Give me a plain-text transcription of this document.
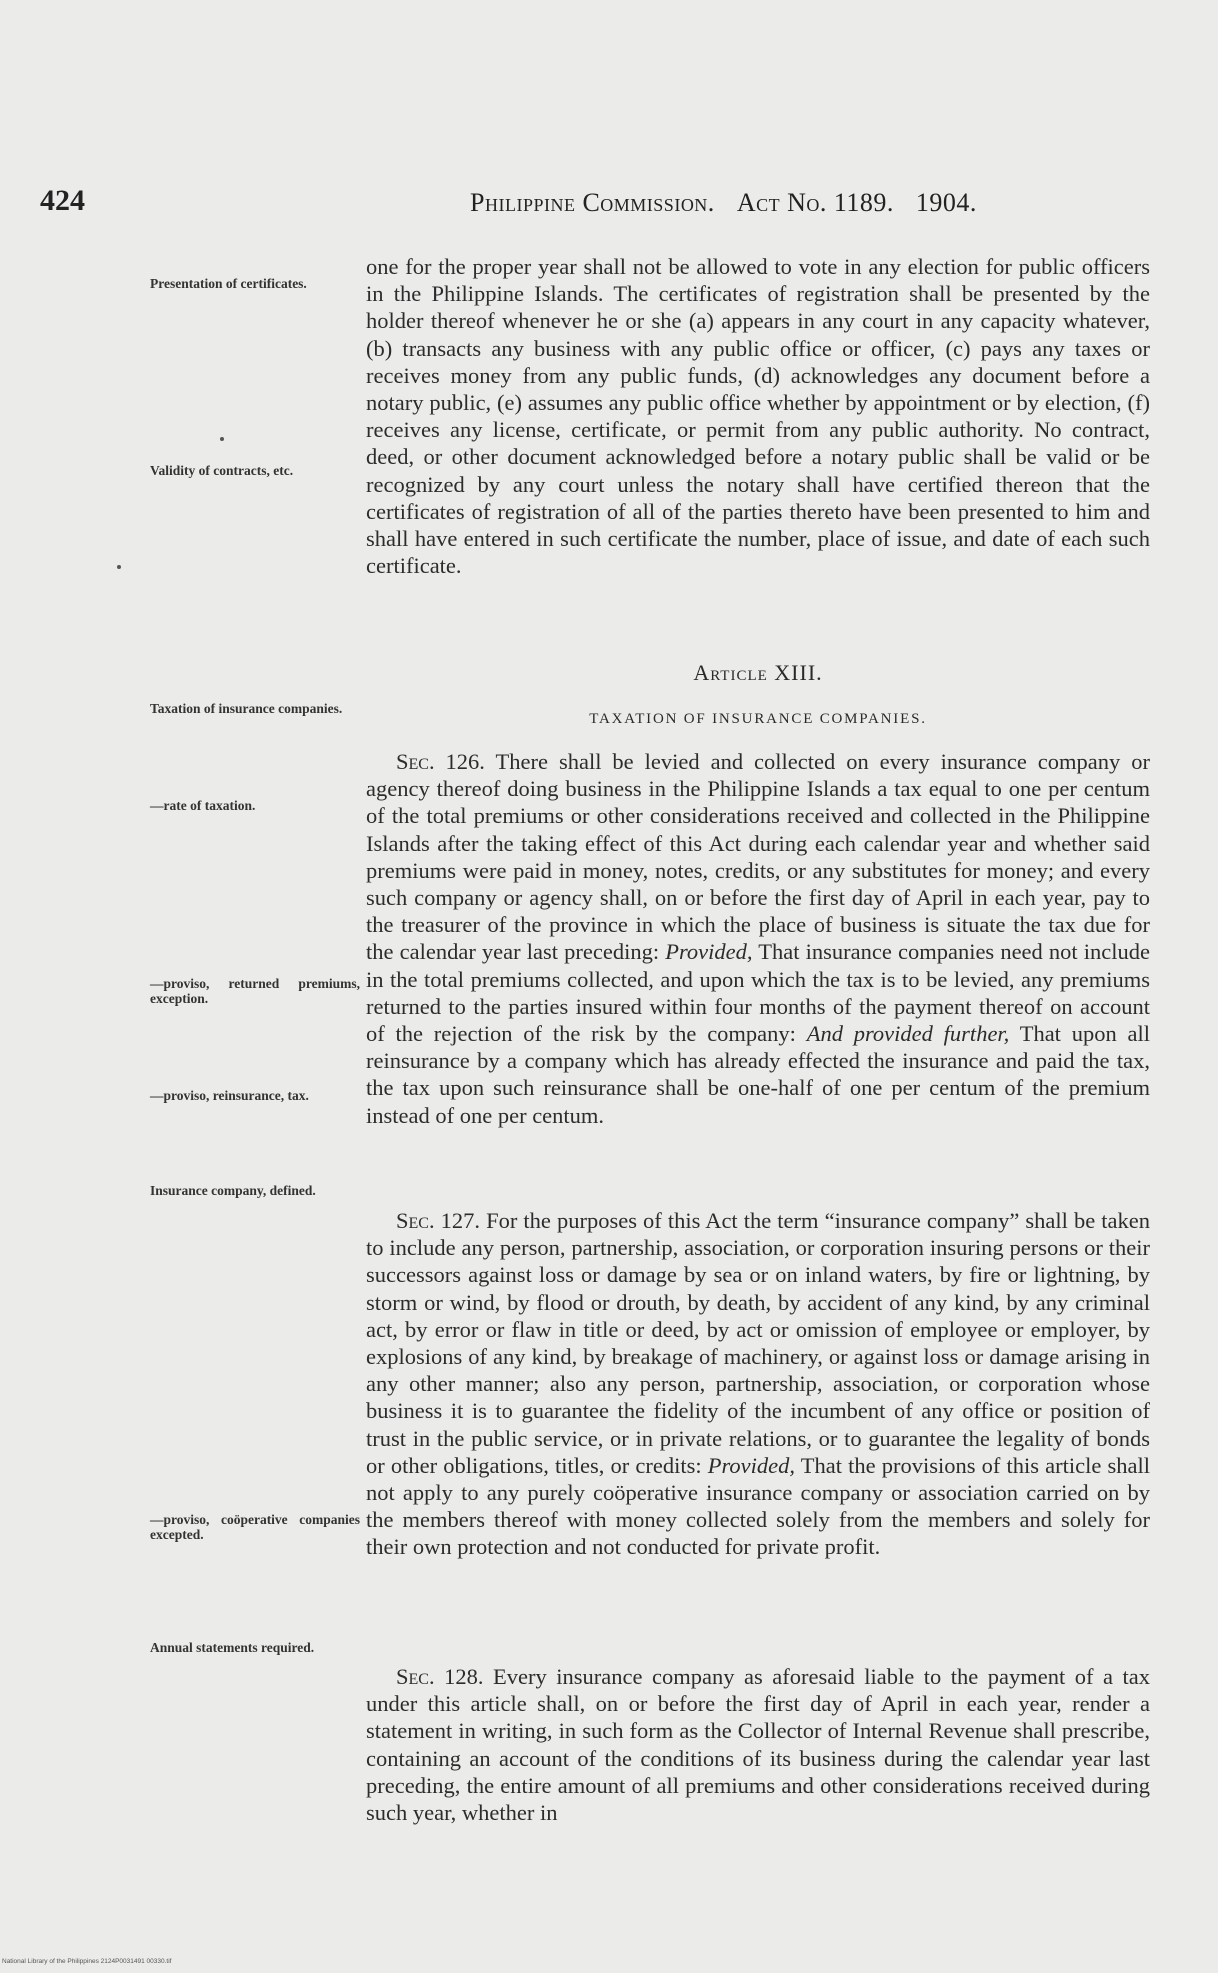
424	Philippine Commission. Act No. 1189. 1904.
Presentation of certificates.
Validity of contracts, etc.
Taxation of insurance companies.
—rate of taxation.
—proviso, returned premiums, exception.
—proviso, reinsurance, tax.
Insurance company, defined.
—proviso, coöperative companies excepted.
Annual statements required.
one for the proper year shall not be allowed to vote in any election for public officers in the Philippine Islands. The certificates of registration shall be presented by the holder thereof whenever he or she (a) appears in any court in any capacity whatever, (b) transacts any business with any public office or officer, (c) pays any taxes or receives money from any public funds, (d) acknowledges any document before a notary public, (e) assumes any public office whether by appointment or by election, (f) receives any license, certificate, or permit from any public authority. No contract, deed, or other document acknowledged before a notary public shall be valid or be recognized by any court unless the notary shall have certified thereon that the certificates of registration of all of the parties thereto have been presented to him and shall have entered in such certificate the number, place of issue, and date of each such certificate.
Article XIII.
TAXATION OF INSURANCE COMPANIES.
Sec. 126. There shall be levied and collected on every insurance company or agency thereof doing business in the Philippine Islands a tax equal to one per centum of the total premiums or other considerations received and collected in the Philippine Islands after the taking effect of this Act during each calendar year and whether said premiums were paid in money, notes, credits, or any substitutes for money; and every such company or agency shall, on or before the first day of April in each year, pay to the treasurer of the province in which the place of business is situate the tax due for the calendar year last preceding: Provided, That insurance companies need not include in the total premiums collected, and upon which the tax is to be levied, any premiums returned to the parties insured within four months of the payment thereof on account of the rejection of the risk by the company: And provided further, That upon all reinsurance by a company which has already effected the insurance and paid the tax, the tax upon such reinsurance shall be one-half of one per centum of the premium instead of one per centum.
Sec. 127. For the purposes of this Act the term “insurance company” shall be taken to include any person, partnership, association, or corporation insuring persons or their successors against loss or damage by sea or on inland waters, by fire or lightning, by storm or wind, by flood or drouth, by death, by accident of any kind, by any criminal act, by error or flaw in title or deed, by act or omission of employee or employer, by explosions of any kind, by breakage of machinery, or against loss or damage arising in any other manner; also any person, partnership, association, or corporation whose business it is to guarantee the fidelity of the incumbent of any office or position of trust in the public service, or in private relations, or to guarantee the legality of bonds or other obligations, titles, or credits: Provided, That the provisions of this article shall not apply to any purely coöperative insurance company or association carried on by the members thereof with money collected solely from the members and solely for their own protection and not conducted for private profit.
Sec. 128. Every insurance company as aforesaid liable to the payment of a tax under this article shall, on or before the first day of April in each year, render a statement in writing, in such form as the Collector of Internal Revenue shall prescribe, containing an account of the conditions of its business during the calendar year last preceding, the entire amount of all premiums and other considerations received during such year, whether in
National Library of the Philippines 2124P0031491 00330.tif
